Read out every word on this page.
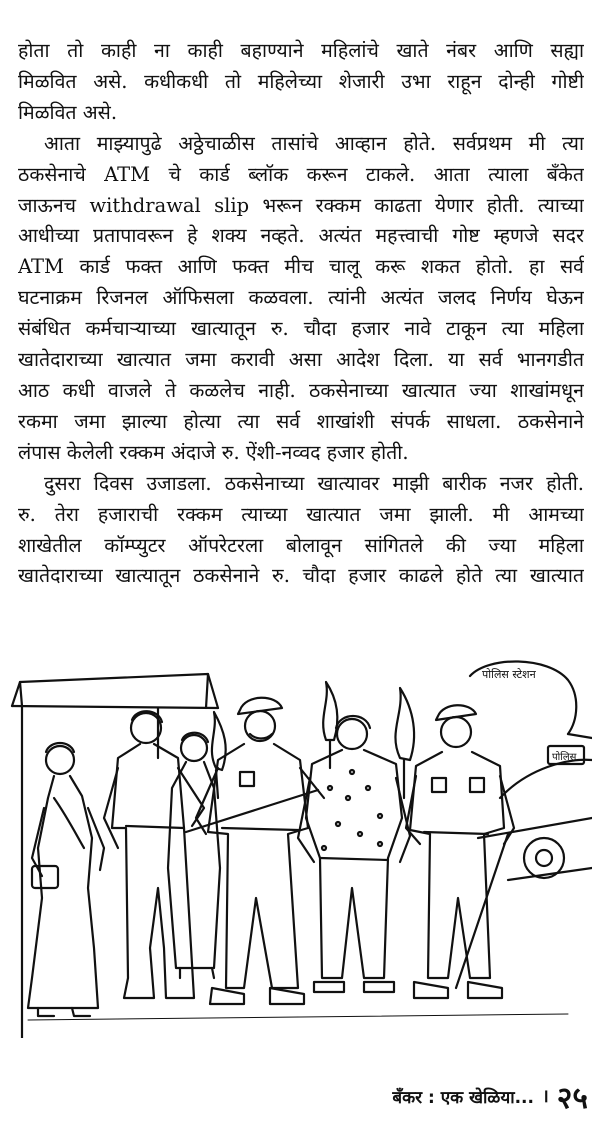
होता तो काही ना काही बहाण्याने महिलांचे खाते नंबर आणि सह्या
मिळवित असे. कधीकधी तो महिलेच्या शेजारी उभा राहून दोन्ही गोष्टी
मिळवित असे.
आता माझ्यापुढे अठ्ठेचाळीस तासांचे आव्हान होते. सर्वप्रथम मी त्या
ठकसेनाचे ATM चे कार्ड ब्लॉक करून टाकले. आता त्याला बँकेत
जाऊनच withdrawal slip भरून रक्कम काढता येणार होती. त्याच्या
आधीच्या प्रतापावरून हे शक्य नव्हते. अत्यंत महत्त्वाची गोष्ट म्हणजे सदर
ATM कार्ड फक्त आणि फक्त मीच चालू करू शकत होतो. हा सर्व
घटनाक्रम रिजनल ऑफिसला कळवला. त्यांनी अत्यंत जलद निर्णय घेऊन
संबंधित कर्मचाऱ्याच्या खात्यातून रु. चौदा हजार नावे टाकून त्या महिला
खातेदाराच्या खात्यात जमा करावी असा आदेश दिला. या सर्व भानगडीत
आठ कधी वाजले ते कळलेच नाही. ठकसेनाच्या खात्यात ज्या शाखांमधून
रकमा जमा झाल्या होत्या त्या सर्व शाखांशी संपर्क साधला. ठकसेनाने
लंपास केलेली रक्कम अंदाजे रु. ऐंशी-नव्वद हजार होती.
दुसरा दिवस उजाडला. ठकसेनाच्या खात्यावर माझी बारीक नजर होती.
रु. तेरा हजाराची रक्कम त्याच्या खात्यात जमा झाली. मी आमच्या
शाखेतील कॉम्प्युटर ऑपरेटरला बोलावून सांगितले की ज्या महिला
खातेदाराच्या खात्यातून ठकसेनाने रु. चौदा हजार काढले होते त्या खात्यात
पोलिस स्टेशन
पोलिस
बँकर : एक खेळिया... । २५
